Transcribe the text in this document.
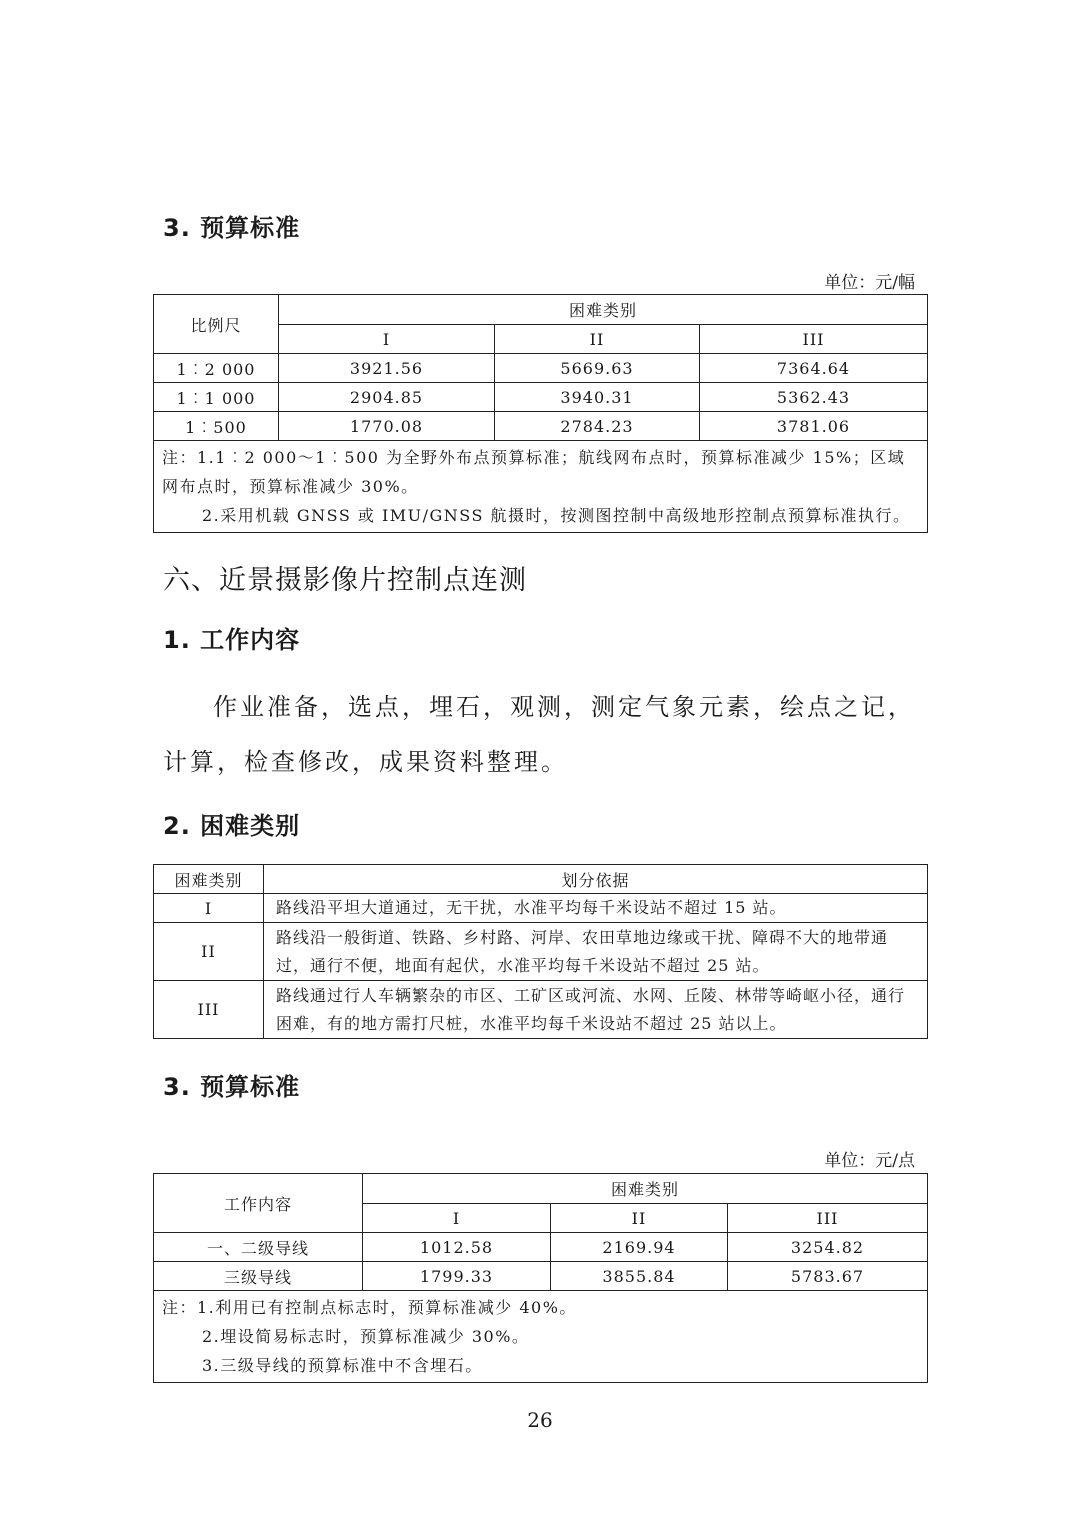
3. 预算标准
单位：元/幅
比例尺	困难类别		
	I	II	III
1︰2 000	3921.56	5669.63	7364.64
1︰1 000	2904.85	3940.31	5362.43
1︰500	1770.08	2784.23	3781.06
注：1.1︰2 000～1︰500 为全野外布点预算标准；航线网布点时，预算标准减少 15%；区域网布点时，预算标准减少 30%。
2.采用机载 GNSS 或 IMU/GNSS 航摄时，按测图控制中高级地形控制点预算标准执行。			
六、近景摄影像片控制点连测
1. 工作内容
作业准备，选点，埋石，观测，测定气象元素，绘点之记，计算，检查修改，成果资料整理。
2. 困难类别
困难类别	划分依据
I	路线沿平坦大道通过，无干扰，水准平均每千米设站不超过 15 站。
II	路线沿一般街道、铁路、乡村路、河岸、农田草地边缘或干扰、障碍不大的地带通过，通行不便，地面有起伏，水准平均每千米设站不超过 25 站。
III	路线通过行人车辆繁杂的市区、工矿区或河流、水网、丘陵、林带等崎岖小径，通行困难，有的地方需打尺桩，水准平均每千米设站不超过 25 站以上。
3. 预算标准
单位：元/点
工作内容	困难类别		
	I	II	III
一、二级导线	1012.58	2169.94	3254.82
三级导线	1799.33	3855.84	5783.67

注：1.利用已有控制点标志时，预算标准减少 40%。
2.埋设简易标志时，预算标准减少 30%。
3.三级导线的预算标准中不含埋石。			
26
